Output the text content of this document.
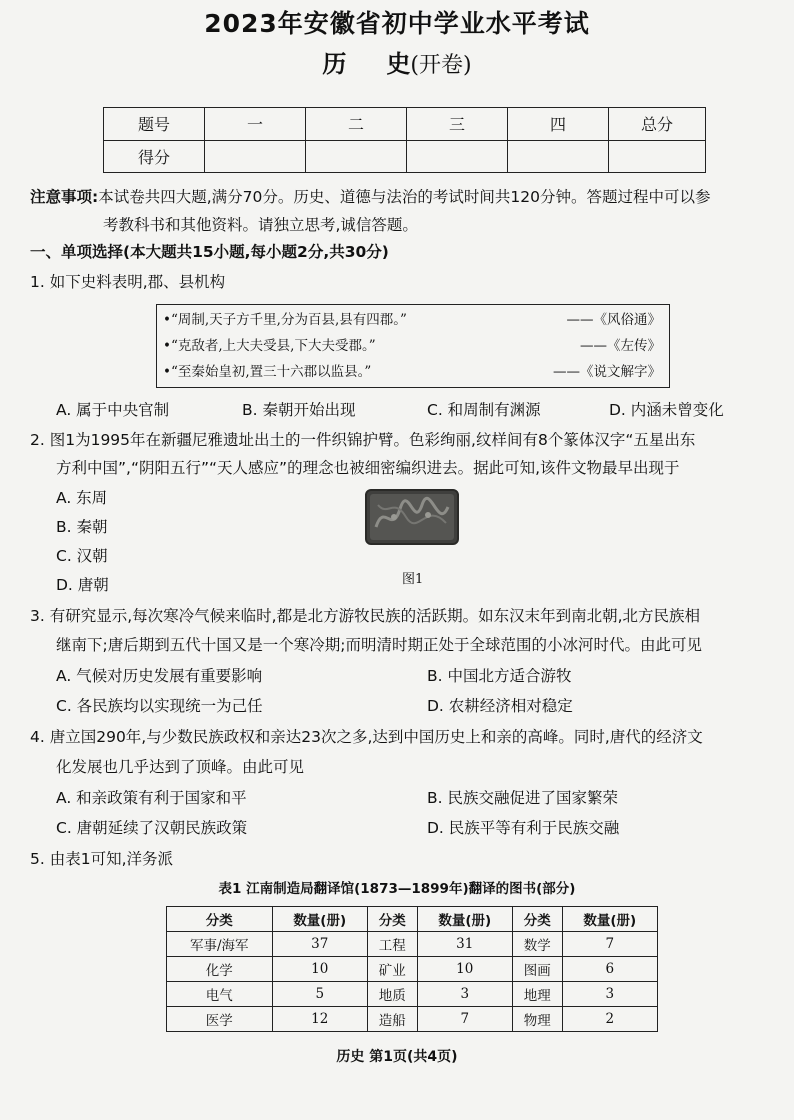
2023年安徽省初中学业水平考试
历 史(开卷)
题号	一	二	三	四	总分
得分					
注意事项:本试卷共四大题,满分70分。历史、道德与法治的考试时间共120分钟。答题过程中可以参
考教科书和其他资料。请独立思考,诚信答题。
一、单项选择(本大题共15小题,每小题2分,共30分)
1. 如下史料表明,郡、县机构
•“周制,天子方千里,分为百县,县有四郡。”	——《风俗通》
•“克敌者,上大夫受县,下大夫受郡。”	——《左传》
•“至秦始皇初,置三十六郡以监县。”	——《说文解字》
A. 属于中央官制	B. 秦朝开始出现	C. 和周制有渊源	D. 内涵未曾变化
2. 图1为1995年在新疆尼雅遗址出土的一件织锦护臂。色彩绚丽,纹样间有8个篆体汉字“五星出东
方利中国”,“阴阳五行”“天人感应”的理念也被细密编织进去。据此可知,该件文物最早出现于
A. 东周
B. 秦朝
C. 汉朝
D. 唐朝	图1
3. 有研究显示,每次寒冷气候来临时,都是北方游牧民族的活跃期。如东汉末年到南北朝,北方民族相
继南下;唐后期到五代十国又是一个寒冷期;而明清时期正处于全球范围的小冰河时代。由此可见
A. 气候对历史发展有重要影响	B. 中国北方适合游牧
C. 各民族均以实现统一为己任	D. 农耕经济相对稳定
4. 唐立国290年,与少数民族政权和亲达23次之多,达到中国历史上和亲的高峰。同时,唐代的经济文
化发展也几乎达到了顶峰。由此可见
A. 和亲政策有利于国家和平	B. 民族交融促进了国家繁荣
C. 唐朝延续了汉朝民族政策	D. 民族平等有利于民族交融
5. 由表1可知,洋务派
表1 江南制造局翻译馆(1873—1899年)翻译的图书(部分)
分类	数量(册)	分类	数量(册)	分类	数量(册)
军事/海军	37	工程	31	数学	7
化学	10	矿业	10	图画	6
电气	5	地质	3	地理	3
医学	12	造船	7	物理	2
历史 第1页(共4页)
